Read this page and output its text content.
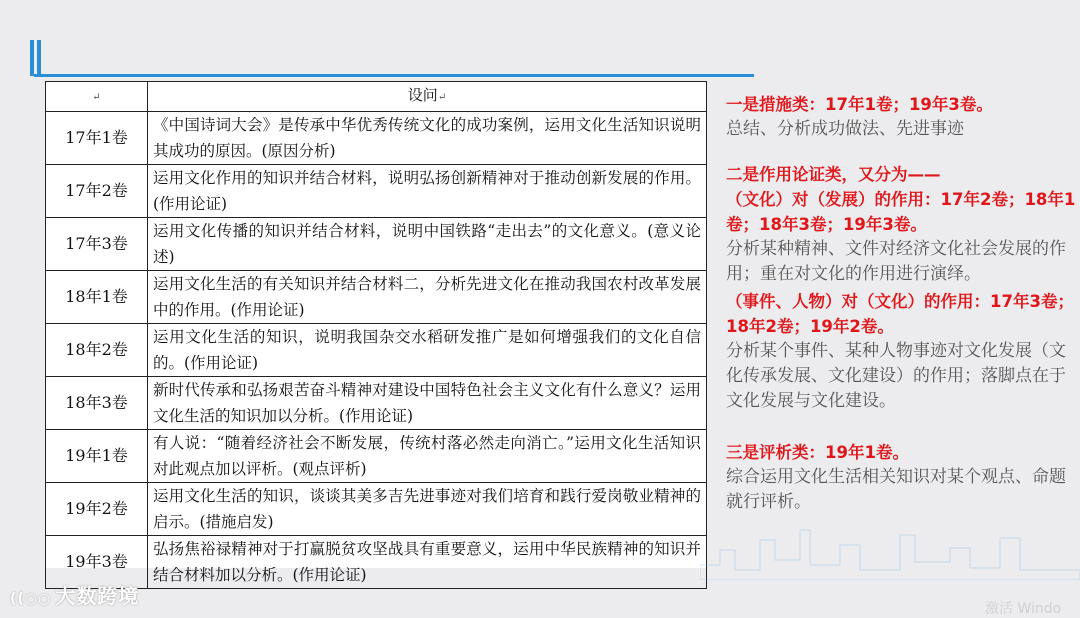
↵	设问↵
17年1卷	《中国诗词大会》是传承中华优秀传统文化的成功案例，运用文化生活知识说明其成功的原因。(原因分析)
17年2卷	运用文化作用的知识并结合材料，说明弘扬创新精神对于推动创新发展的作用。(作用论证)
17年3卷	运用文化传播的知识并结合材料，说明中国铁路“走出去”的文化意义。(意义论述)
18年1卷	运用文化生活的有关知识并结合材料二，分析先进文化在推动我国农村改革发展中的作用。(作用论证)
18年2卷	运用文化生活的知识，说明我国杂交水稻研发推广是如何增强我们的文化自信的。(作用论证)
18年3卷	新时代传承和弘扬艰苦奋斗精神对建设中国特色社会主义文化有什么意义？运用文化生活的知识加以分析。(作用论证)
19年1卷	有人说：“随着经济社会不断发展，传统村落必然走向消亡。”运用文化生活知识对此观点加以评析。(观点评析)
19年2卷	运用文化生活的知识，谈谈其美多吉先进事迹对我们培育和践行爱岗敬业精神的启示。(措施启发)
19年3卷	弘扬焦裕禄精神对于打赢脱贫攻坚战具有重要意义，运用中华民族精神的知识并结合材料加以分析。(作用论证)
一是措施类：17年1卷；19年3卷。
总结、分析成功做法、先进事迹
二是作用论证类，又分为——
（文化）对（发展）的作用：17年2卷；18年1卷；18年3卷；19年3卷。
分析某种精神、文件对经济文化社会发展的作用；重在对文化的作用进行演绎。
（事件、人物）对（文化）的作用：17年3卷；18年2卷；19年2卷。
分析某个事件、某种人物事迹对文化发展（文化传承发展、文化建设）的作用；落脚点在于文化发展与文化建设。
三是评析类：19年1卷。
综合运用文化生活相关知识对某个观点、命题就行评析。
((○○ 大数跨境
激活 Windo
